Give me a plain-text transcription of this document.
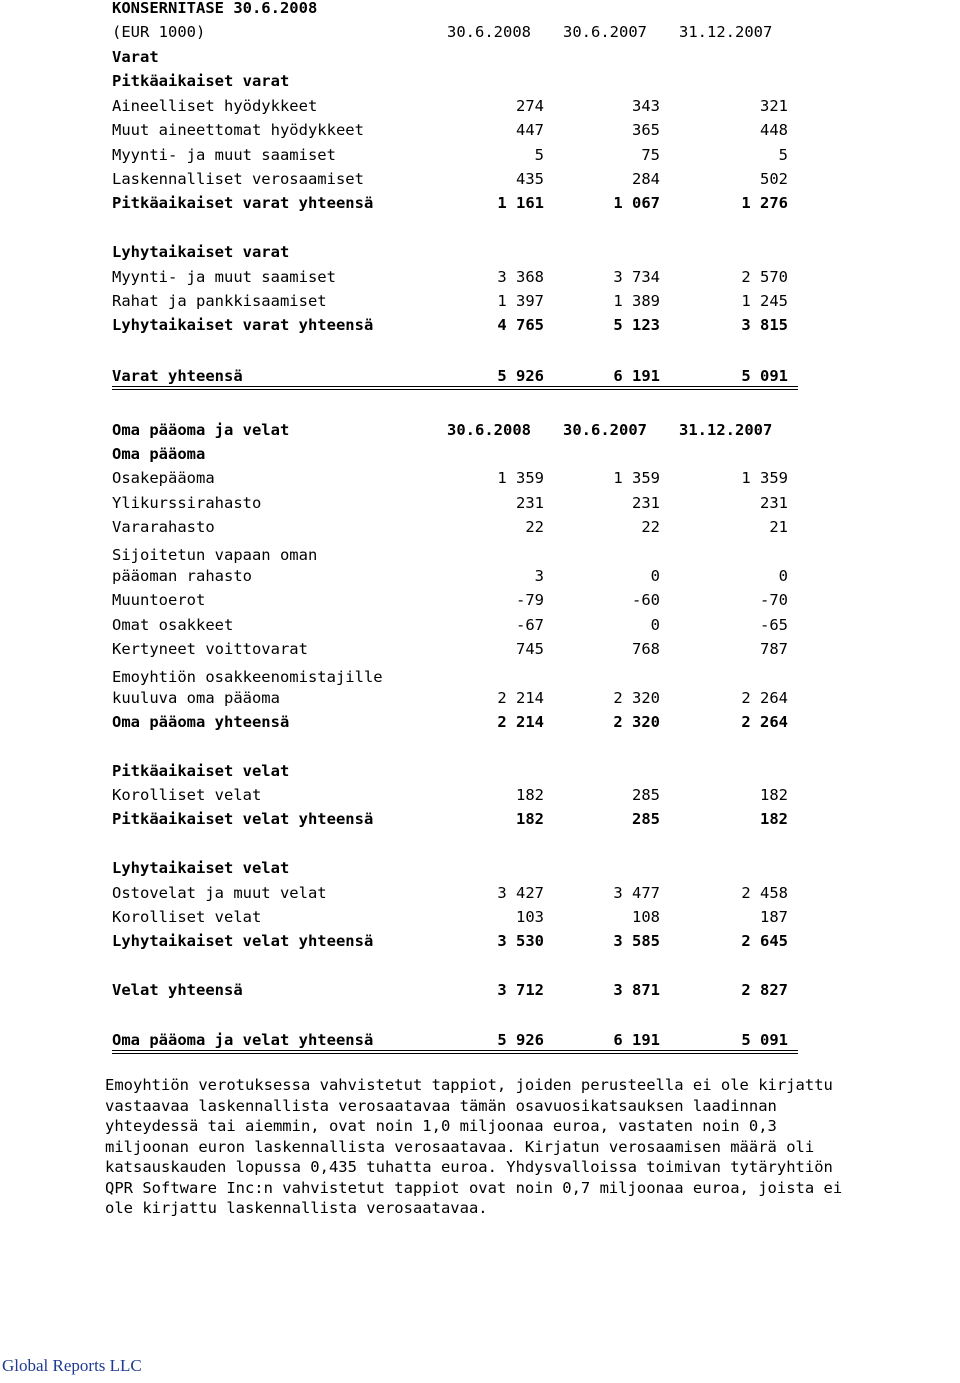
KONSERNITASE 30.6.2008
(EUR 1000)	30.6.2008 30.6.2007 31.12.2007
Varat
Pitkäaikaiset varat
Aineelliset hyödykkeet	274	343	321
Muut aineettomat hyödykkeet	447	365	448
Myynti- ja muut saamiset	5	75	5
Laskennalliset verosaamiset	435	284	502
Pitkäaikaiset varat yhteensä	1 161	1 067	1 276
Lyhytaikaiset varat
Myynti- ja muut saamiset	3 368	3 734	2 570
Rahat ja pankkisaamiset	1 397	1 389	1 245
Lyhytaikaiset varat yhteensä	4 765	5 123	3 815
Varat yhteensä	5 926	6 191	5 091
Oma pääoma ja velat	30.6.2008 30.6.2007 31.12.2007
Oma pääoma
Osakepääoma	1 359	1 359	1 359
Ylikurssirahasto	231	231	231
Vararahasto	22	22	21
Sijoitetun vapaan oman
pääoman rahasto	3	0	0
Muuntoerot	-79	-60	-70
Omat osakkeet	-67	0	-65
Kertyneet voittovarat	745	768	787
Emoyhtiön osakkeenomistajille
kuuluva oma pääoma	2 214	2 320	2 264
Oma pääoma yhteensä	2 214	2 320	2 264
Pitkäaikaiset velat
Korolliset velat	182	285	182
Pitkäaikaiset velat yhteensä	182	285	182
Lyhytaikaiset velat
Ostovelat ja muut velat	3 427	3 477	2 458
Korolliset velat	103	108	187
Lyhytaikaiset velat yhteensä	3 530	3 585	2 645
Velat yhteensä	3 712	3 871	2 827
Oma pääoma ja velat yhteensä	5 926	6 191	5 091
Emoyhtiön verotuksessa vahvistetut tappiot, joiden perusteella ei ole kirjattu
vastaavaa laskennallista verosaatavaa tämän osavuosikatsauksen laadinnan
yhteydessä tai aiemmin, ovat noin 1,0 miljoonaa euroa, vastaten noin 0,3
miljoonan euron laskennallista verosaatavaa. Kirjatun verosaamisen määrä oli
katsauskauden lopussa 0,435 tuhatta euroa. Yhdysvalloissa toimivan tytäryhtiön
QPR Software Inc:n vahvistetut tappiot ovat noin 0,7 miljoonaa euroa, joista ei
ole kirjattu laskennallista verosaatavaa.
Global Reports LLC
